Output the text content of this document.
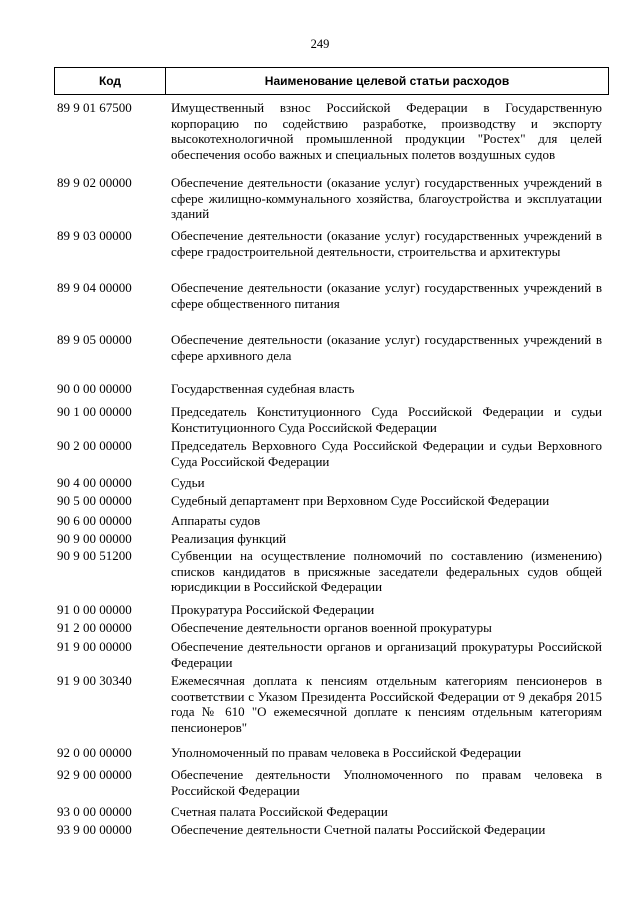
249
Код	Наименование целевой статьи расходов
89 9 01 67500	Имущественный взнос Российской Федерации в Государственную корпорацию по содействию разработке, производству и экспорту высокотехнологичной промышленной продукции "Ростех" для целей обеспечения особо важных и специальных полетов воздушных судов
89 9 02 00000	Обеспечение деятельности (оказание услуг) государственных учреждений в сфере жилищно-коммунального хозяйства, благоустройства и эксплуатации зданий
89 9 03 00000	Обеспечение деятельности (оказание услуг) государственных учреждений в сфере градостроительной деятельности, строительства и архитектуры
89 9 04 00000	Обеспечение деятельности (оказание услуг) государственных учреждений в сфере общественного питания
89 9 05 00000	Обеспечение деятельности (оказание услуг) государственных учреждений в сфере архивного дела
90 0 00 00000	Государственная судебная власть
90 1 00 00000	Председатель Конституционного Суда Российской Федерации и судьи Конституционного Суда Российской Федерации
90 2 00 00000	Председатель Верховного Суда Российской Федерации и судьи Верховного Суда Российской Федерации
90 4 00 00000	Судьи
90 5 00 00000	Судебный департамент при Верховном Суде Российской Федерации
90 6 00 00000	Аппараты судов
90 9 00 00000	Реализация функций
90 9 00 51200	Субвенции на осуществление полномочий по составлению (изменению) списков кандидатов в присяжные заседатели федеральных судов общей юрисдикции в Российской Федерации
91 0 00 00000	Прокуратура Российской Федерации
91 2 00 00000	Обеспечение деятельности органов военной прокуратуры
91 9 00 00000	Обеспечение деятельности органов и организаций прокуратуры Российской Федерации
91 9 00 30340	Ежемесячная доплата к пенсиям отдельным категориям пенсионеров в соответствии с Указом Президента Российской Федерации от 9 декабря 2015 года № 610 "О ежемесячной доплате к пенсиям отдельным категориям пенсионеров"
92 0 00 00000	Уполномоченный по правам человека в Российской Федерации
92 9 00 00000	Обеспечение деятельности Уполномоченного по правам человека в Российской Федерации
93 0 00 00000	Счетная палата Российской Федерации
93 9 00 00000	Обеспечение деятельности Счетной палаты Российской Федерации
